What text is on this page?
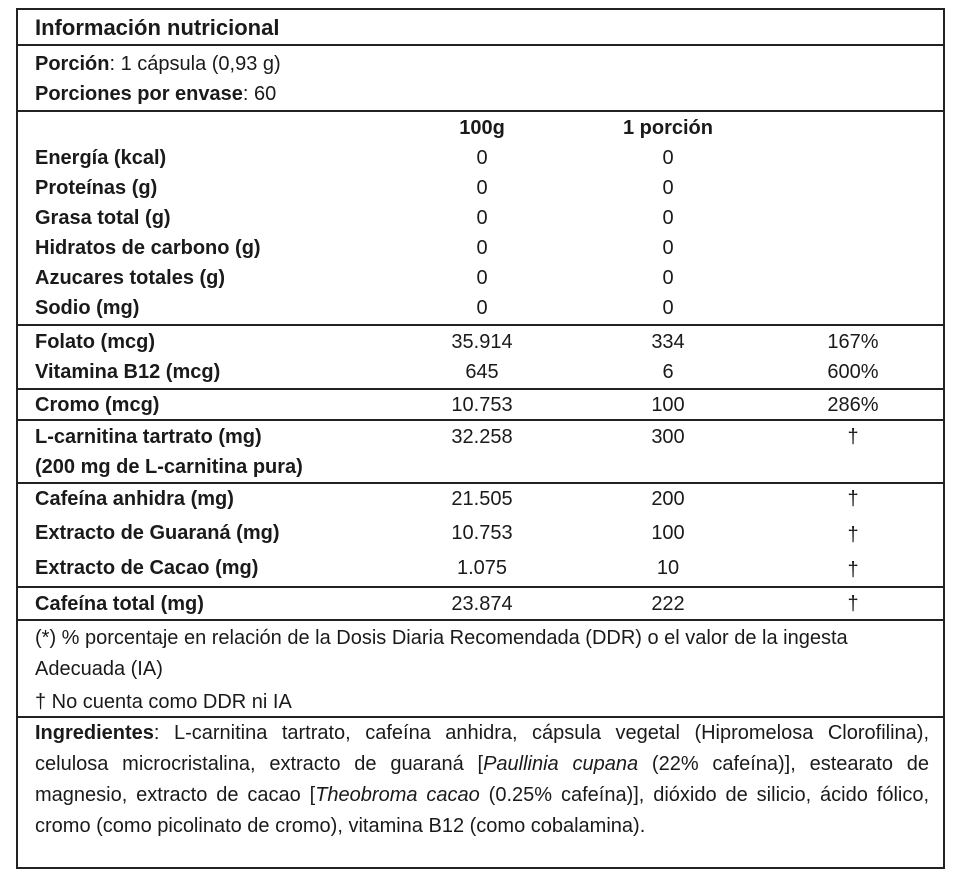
Información nutricional
Porción: 1 cápsula (0,93 g)
Porciones por envase: 60
100g	1 porción
Energía (kcal)	0	0
Proteínas (g)	0	0
Grasa total (g)	0	0
Hidratos de carbono (g)	0	0
Azucares totales (g)	0	0
Sodio (mg)	0	0
Folato (mcg)	35.914	334	167%
Vitamina B12 (mcg)	645	6	600%
Cromo (mcg)	10.753	100	286%
L-carnitina tartrato (mg)
(200 mg de L-carnitina pura)
32.258	300	†
Cafeína anhidra (mg)	21.505	200	†
Extracto de Guaraná (mg)	10.753	100	†
Extracto de Cacao (mg)	1.075	10	†
Cafeína total (mg)	23.874	222	†
(*) % porcentaje en relación de la Dosis Diaria Recomendada (DDR) o el valor de la ingesta Adecuada (IA)
† No cuenta como DDR ni IA
Ingredientes: L-carnitina tartrato, cafeína anhidra, cápsula vegetal (Hipromelosa Clorofilina), celulosa microcristalina, extracto de guaraná [Paullinia cupana (22% cafeína)], estearato de magnesio, extracto de cacao [Theobroma cacao (0.25% cafeína)], dióxido de silicio, ácido fólico, cromo (como picolinato de cromo), vitamina B12 (como cobalamina).
